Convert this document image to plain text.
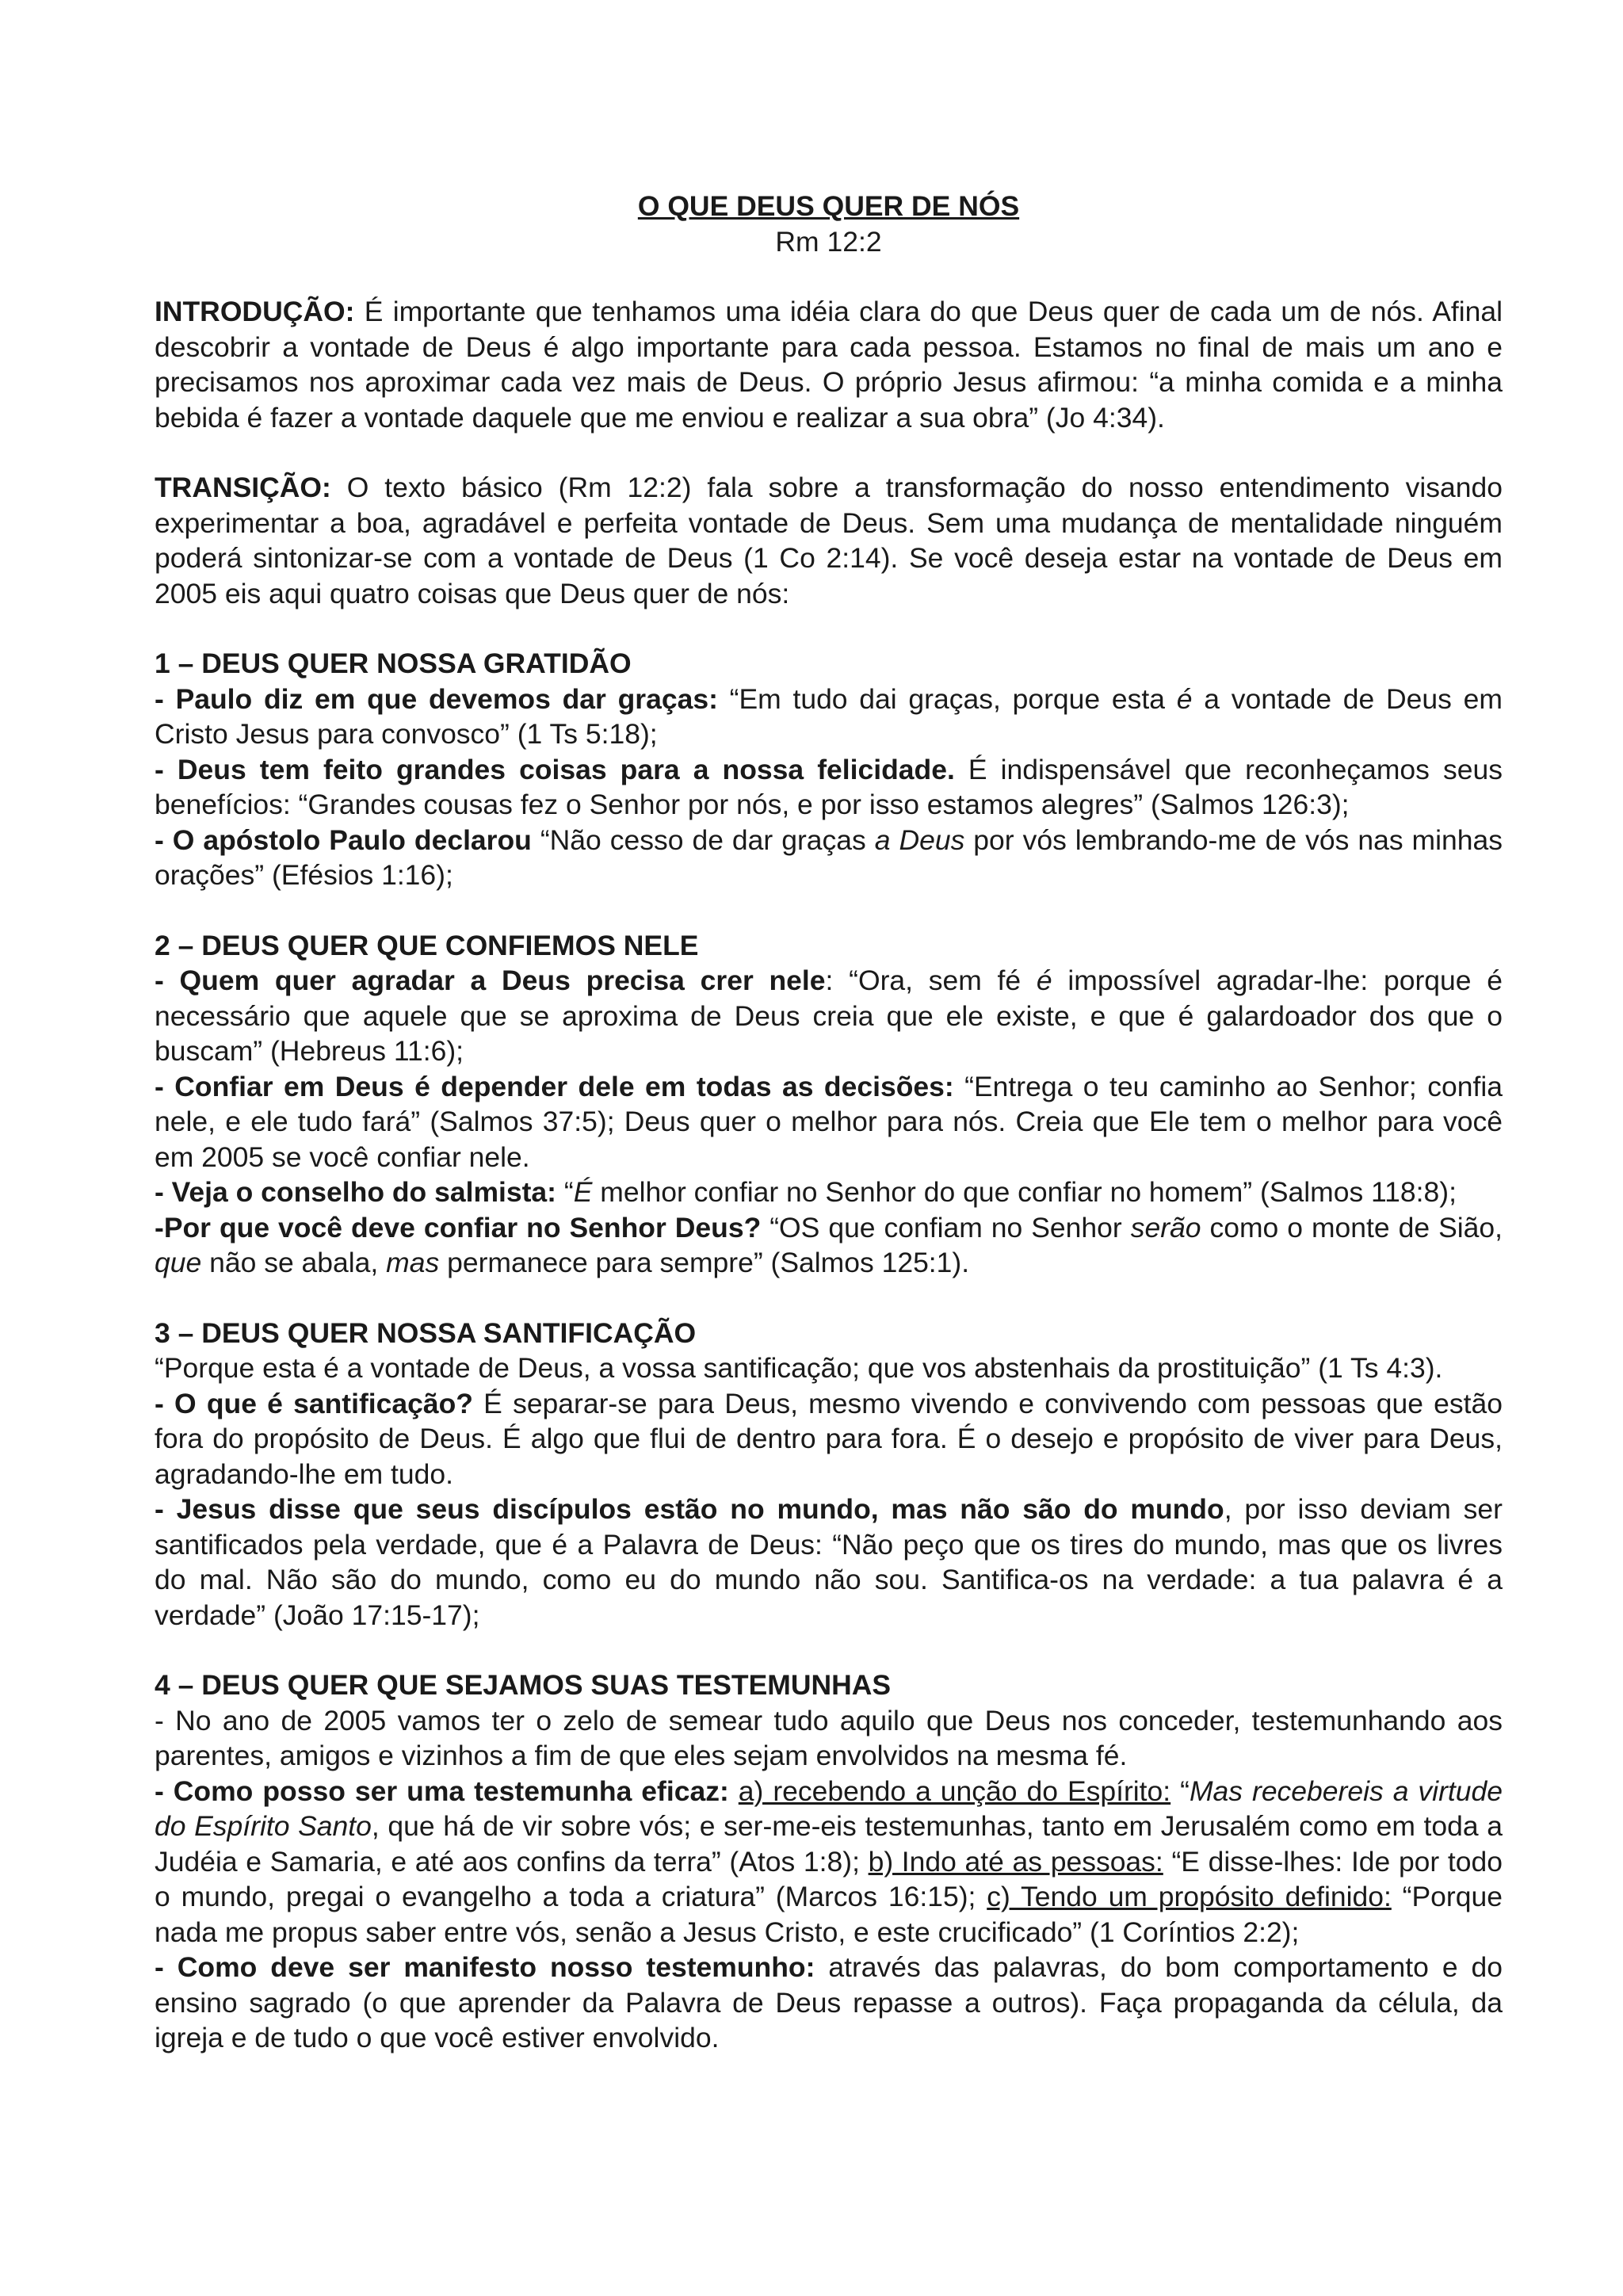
O QUE DEUS QUER DE NÓS

Rm 12:2

INTRODUÇÃO: É importante que tenhamos uma idéia clara do que Deus quer de cada um de nós. Afinal descobrir a vontade de Deus é algo importante para cada pessoa. Estamos no final de mais um ano e precisamos nos aproximar cada vez mais de Deus. O próprio Jesus afirmou: “a minha comida e a minha bebida é fazer a vontade daquele que me enviou e realizar a sua obra” (Jo 4:34).

TRANSIÇÃO: O texto básico (Rm 12:2) fala sobre a transformação do nosso entendimento visando experimentar a boa, agradável e perfeita vontade de Deus. Sem uma mudança de mentalidade ninguém poderá sintonizar-se com a vontade de Deus (1 Co 2:14). Se você deseja estar na vontade de Deus em 2005 eis aqui quatro coisas que Deus quer de nós:

1 – DEUS QUER NOSSA GRATIDÃO

- Paulo diz em que devemos dar graças: “Em tudo dai graças, porque esta é a vontade de Deus em Cristo Jesus para convosco” (1 Ts 5:18);

- Deus tem feito grandes coisas para a nossa felicidade. É indispensável que reconheçamos seus benefícios: “Grandes cousas fez o Senhor por nós, e por isso estamos alegres” (Salmos 126:3);

- O apóstolo Paulo declarou “Não cesso de dar graças a Deus por vós lembrando-me de vós nas minhas orações” (Efésios 1:16);

2 – DEUS QUER QUE CONFIEMOS NELE

- Quem quer agradar a Deus precisa crer nele: “Ora, sem fé é impossível agradar-lhe: porque é necessário que aquele que se aproxima de Deus creia que ele existe, e que é galardoador dos que o buscam” (Hebreus 11:6);

- Confiar em Deus é depender dele em todas as decisões: “Entrega o teu caminho ao Senhor; confia nele, e ele tudo fará” (Salmos 37:5); Deus quer o melhor para nós. Creia que Ele tem o melhor para você em 2005 se você confiar nele.

- Veja o conselho do salmista: “É melhor confiar no Senhor do que confiar no homem” (Salmos 118:8);

-Por que você deve confiar no Senhor Deus? “OS que confiam no Senhor serão como o monte de Sião, que não se abala, mas permanece para sempre” (Salmos 125:1).

3 – DEUS QUER NOSSA SANTIFICAÇÃO

“Porque esta é a vontade de Deus, a vossa santificação; que vos abstenhais da prostituição” (1 Ts 4:3).

- O que é santificação? É separar-se para Deus, mesmo vivendo e convivendo com pessoas que estão fora do propósito de Deus. É algo que flui de dentro para fora. É o desejo e propósito de viver para Deus, agradando-lhe em tudo.

- Jesus disse que seus discípulos estão no mundo, mas não são do mundo, por isso deviam ser santificados pela verdade, que é a Palavra de Deus: “Não peço que os tires do mundo, mas que os livres do mal. Não são do mundo, como eu do mundo não sou. Santifica-os na verdade: a tua palavra é a verdade” (João 17:15-17);

4 – DEUS QUER QUE SEJAMOS SUAS TESTEMUNHAS

- No ano de 2005 vamos ter o zelo de semear tudo aquilo que Deus nos conceder, testemunhando aos parentes, amigos e vizinhos a fim de que eles sejam envolvidos na mesma fé.

- Como posso ser uma testemunha eficaz: a) recebendo a unção do Espírito: “Mas recebereis a virtude do Espírito Santo, que há de vir sobre vós; e ser-me-eis testemunhas, tanto em Jerusalém como em toda a Judéia e Samaria, e até aos confins da terra” (Atos 1:8); b) Indo até as pessoas: “E disse-lhes: Ide por todo o mundo, pregai o evangelho a toda a criatura” (Marcos 16:15); c) Tendo um propósito definido: “Porque nada me propus saber entre vós, senão a Jesus Cristo, e este crucificado” (1 Coríntios 2:2);

- Como deve ser manifesto nosso testemunho: através das palavras, do bom comportamento e do ensino sagrado (o que aprender da Palavra de Deus repasse a outros). Faça propaganda da célula, da igreja e de tudo o que você estiver envolvido.
